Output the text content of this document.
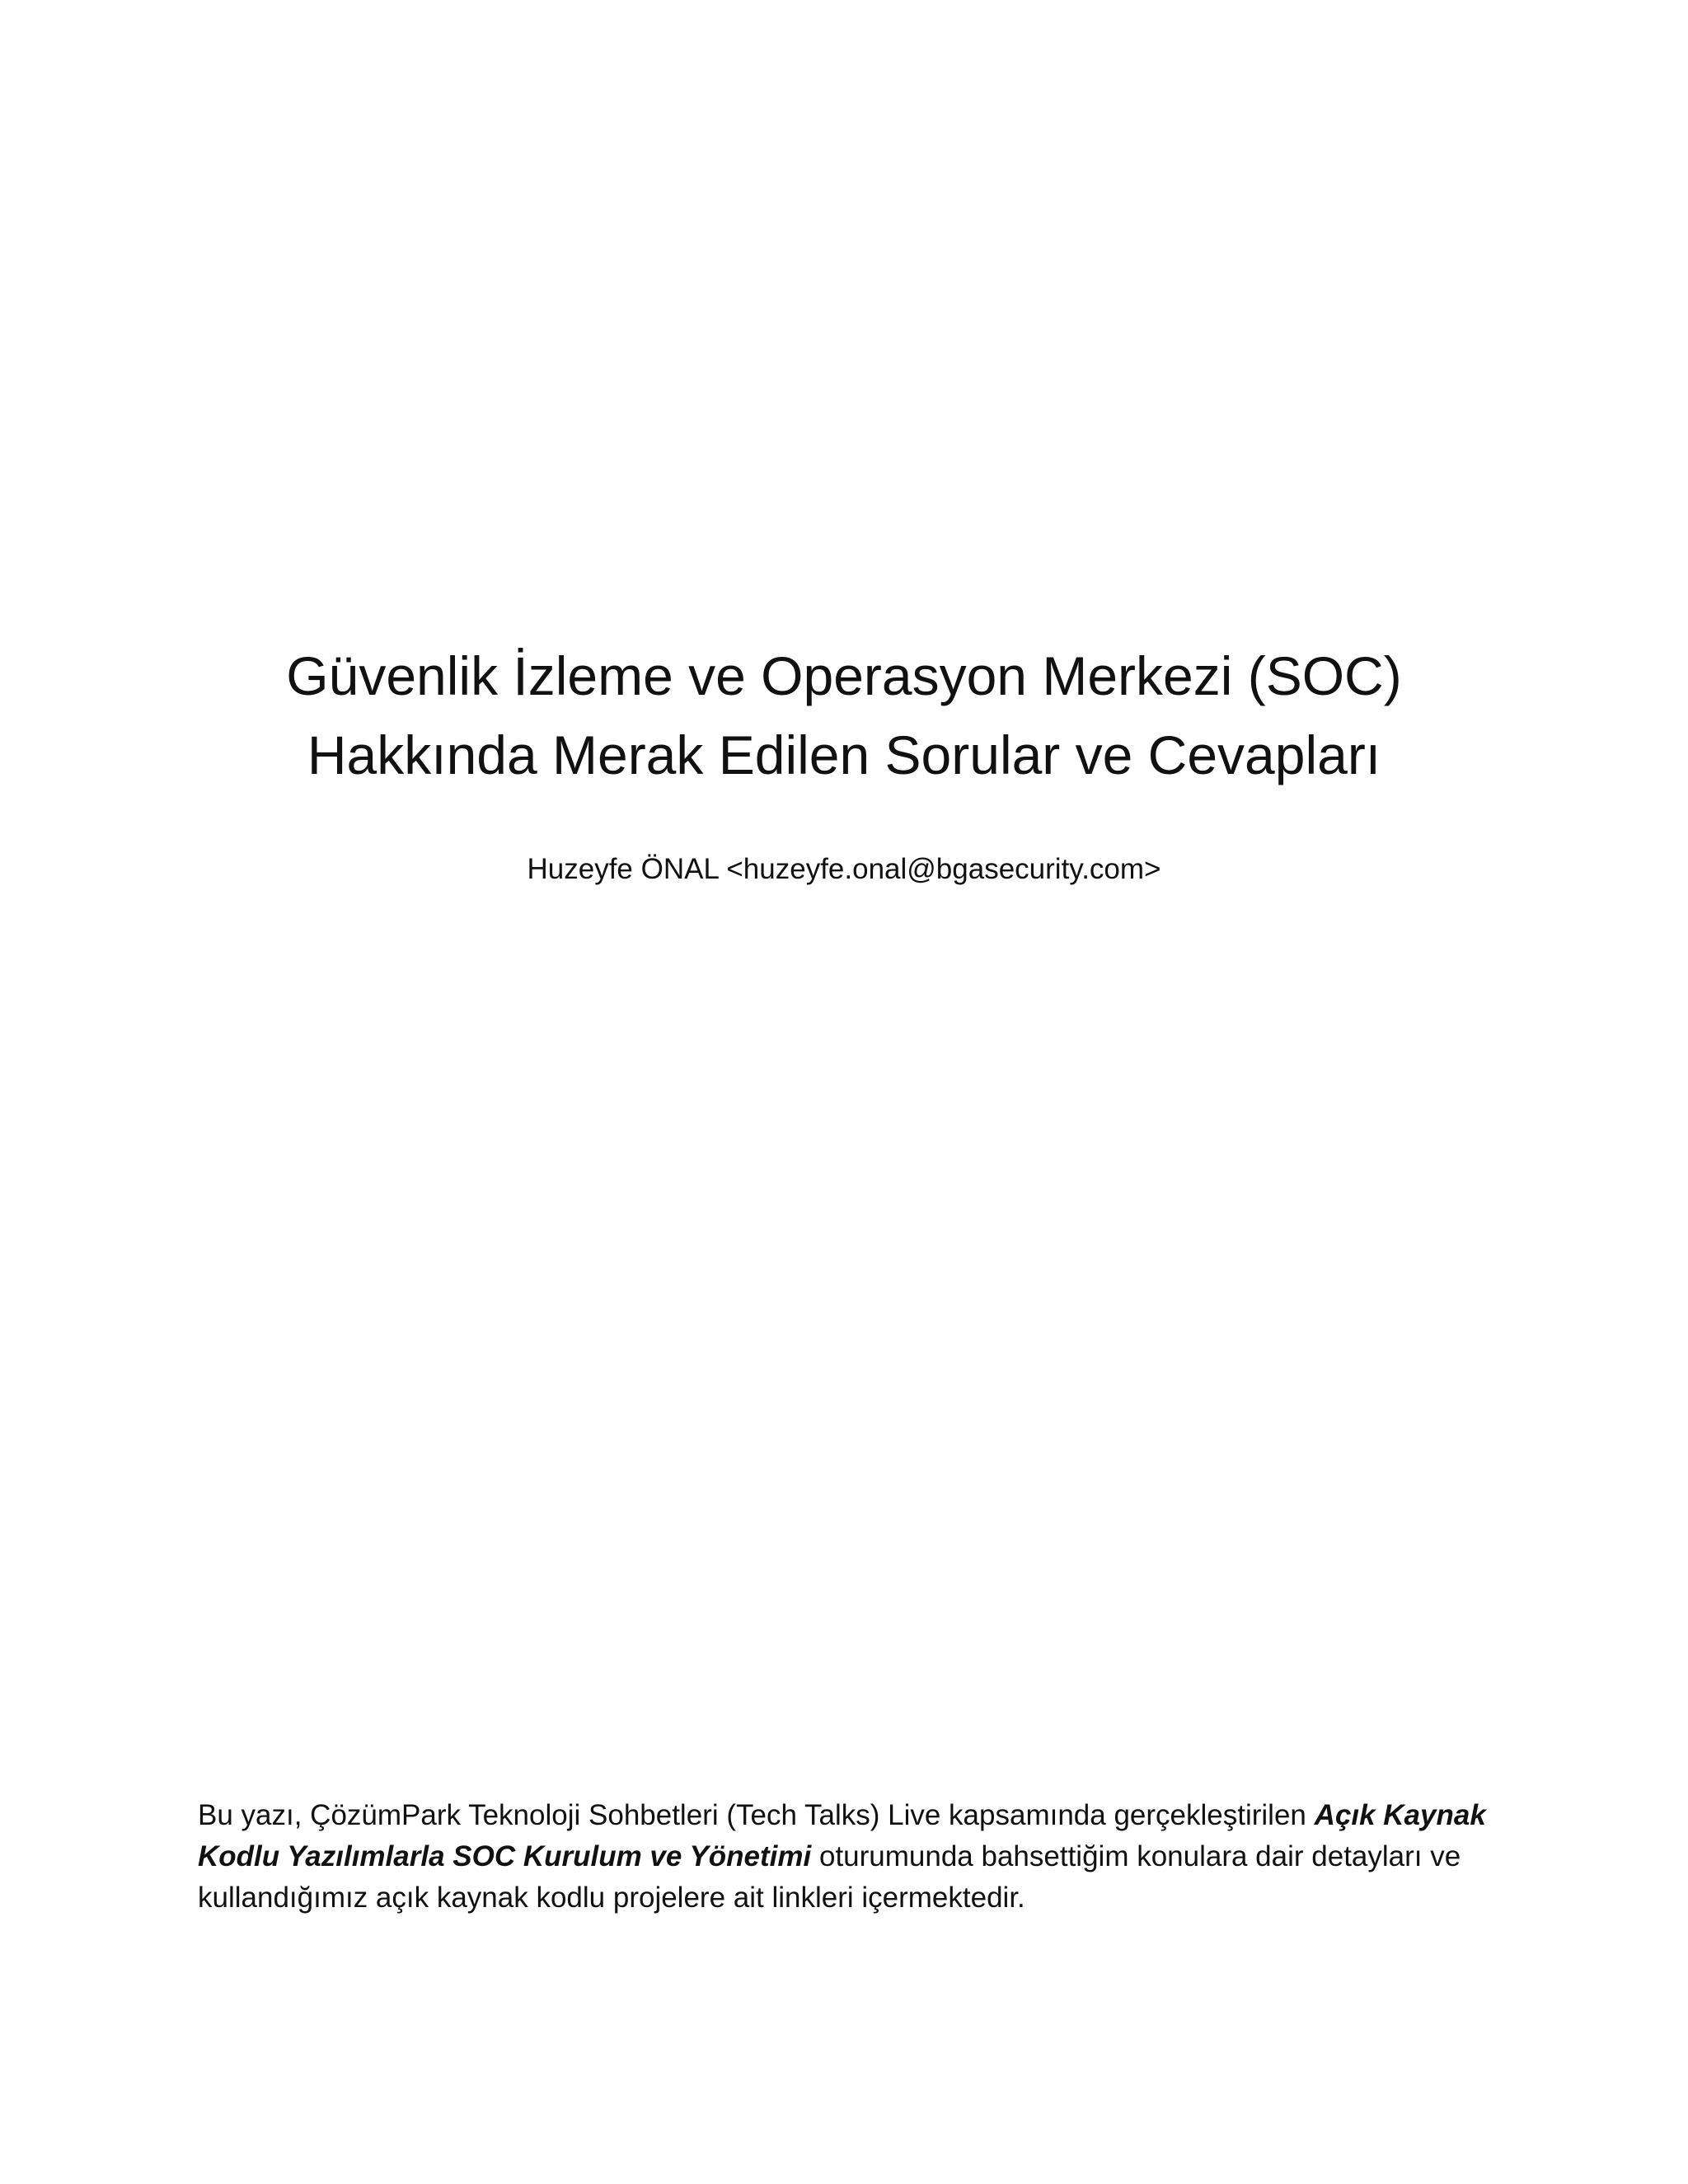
Güvenlik İzleme ve Operasyon Merkezi (SOC)
Hakkında Merak Edilen Sorular ve Cevapları
Huzeyfe ÖNAL <huzeyfe.onal@bgasecurity.com>

Bu yazı, ÇözümPark Teknoloji Sohbetleri (Tech Talks) Live kapsamında gerçekleştirilen Açık Kaynak Kodlu Yazılımlarla SOC Kurulum ve Yönetimi oturumunda bahsettiğim konulara dair detayları ve kullandığımız açık kaynak kodlu projelere ait linkleri içermektedir.
